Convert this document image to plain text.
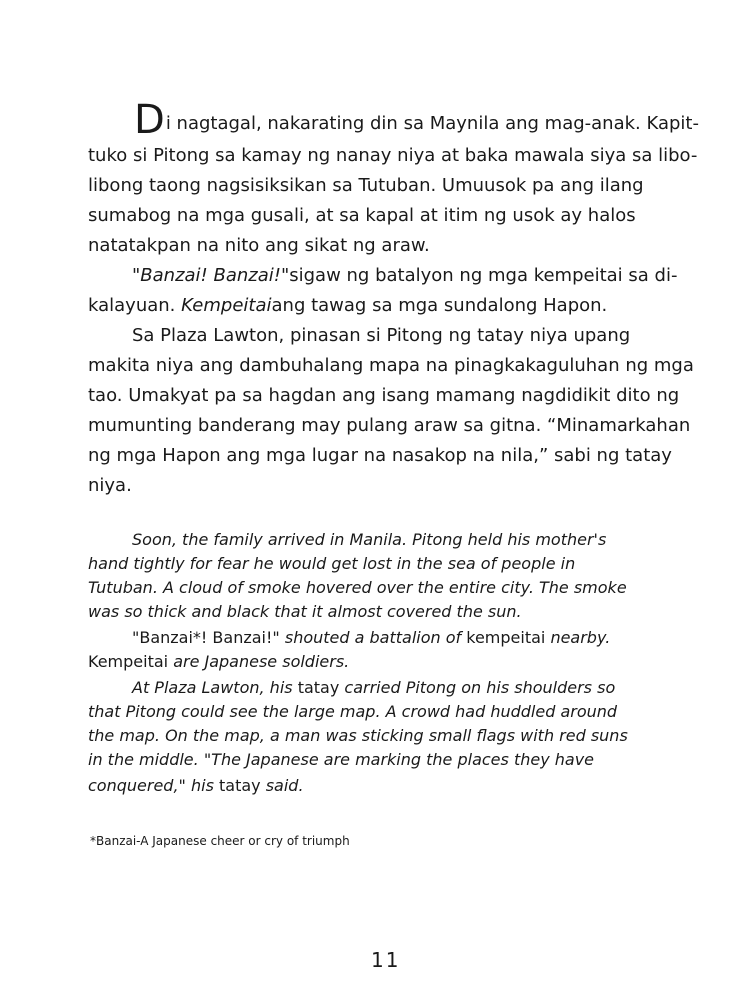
Di nagtagal, nakarating din sa Maynila ang mag-anak. Kapit-
tuko si Pitong sa kamay ng nanay niya at baka mawala siya sa libo-
libong taong nagsisiksikan sa Tutuban. Umuusok pa ang ilang
sumabog na mga gusali, at sa kapal at itim ng usok ay halos
natatakpan na nito ang sikat ng araw.
"Banzai! Banzai!"sigaw ng batalyon ng mga kempeitai sa di-
kalayuan. Kempeitaiang tawag sa mga sundalong Hapon.
Sa Plaza Lawton, pinasan si Pitong ng tatay niya upang
makita niya ang dambuhalang mapa na pinagkakaguluhan ng mga
tao. Umakyat pa sa hagdan ang isang mamang nagdidikit dito ng
mumunting banderang may pulang araw sa gitna. “Minamarkahan
ng mga Hapon ang mga lugar na nasakop na nila,” sabi ng tatay
niya.
Soon, the family arrived in Manila. Pitong held his mother's
hand tightly for fear he would get lost in the sea of people in
Tutuban. A cloud of smoke hovered over the entire city. The smoke
was so thick and black that it almost covered the sun.
"Banzai*! Banzai!" shouted a battalion of kempeitai nearby.
Kempeitai are Japanese soldiers.
At Plaza Lawton, his tatay carried Pitong on his shoulders so
that Pitong could see the large map. A crowd had huddled around
the map. On the map, a man was sticking small flags with red suns
in the middle. "The Japanese are marking the places they have
conquered," his tatay said.
*Banzai-A Japanese cheer or cry of triumph
11
